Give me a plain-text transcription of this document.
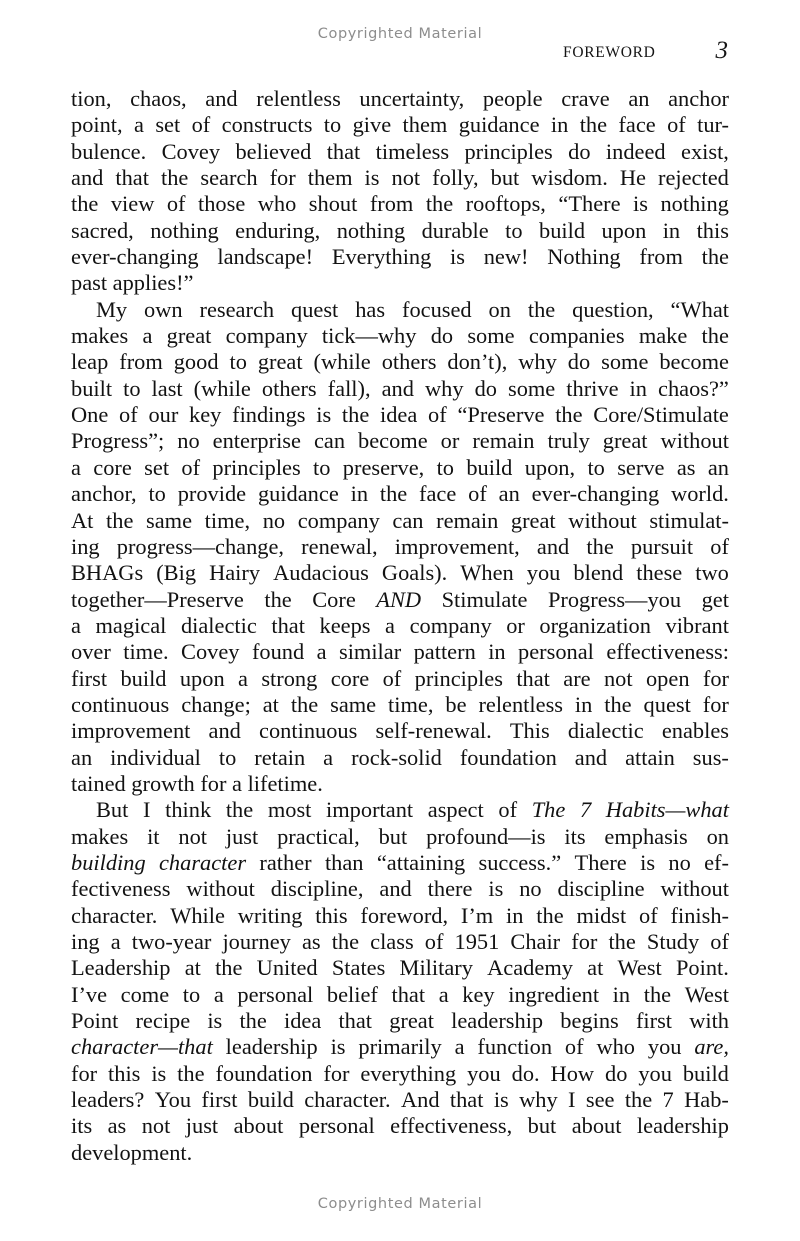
Copyrighted Material
FOREWORD 3
tion, chaos, and relentless uncertainty, people crave an anchor
point, a set of constructs to give them guidance in the face of tur-
bulence. Covey believed that timeless principles do indeed exist,
and that the search for them is not folly, but wisdom. He rejected
the view of those who shout from the rooftops, “There is nothing
sacred, nothing enduring, nothing durable to build upon in this
ever-changing landscape! Everything is new! Nothing from the
past applies!”
My own research quest has focused on the question, “What
makes a great company tick—why do some companies make the
leap from good to great (while others don’t), why do some become
built to last (while others fall), and why do some thrive in chaos?”
One of our key findings is the idea of “Preserve the Core/Stimulate
Progress”; no enterprise can become or remain truly great without
a core set of principles to preserve, to build upon, to serve as an
anchor, to provide guidance in the face of an ever-changing world.
At the same time, no company can remain great without stimulat-
ing progress—change, renewal, improvement, and the pursuit of
BHAGs (Big Hairy Audacious Goals). When you blend these two
together—Preserve the Core AND Stimulate Progress—you get
a magical dialectic that keeps a company or organization vibrant
over time. Covey found a similar pattern in personal effectiveness:
first build upon a strong core of principles that are not open for
continuous change; at the same time, be relentless in the quest for
improvement and continuous self-renewal. This dialectic enables
an individual to retain a rock-solid foundation and attain sus-
tained growth for a lifetime.
But I think the most important aspect of The 7 Habits—what
makes it not just practical, but profound—is its emphasis on
building character rather than “attaining success.” There is no ef-
fectiveness without discipline, and there is no discipline without
character. While writing this foreword, I’m in the midst of finish-
ing a two-year journey as the class of 1951 Chair for the Study of
Leadership at the United States Military Academy at West Point.
I’ve come to a personal belief that a key ingredient in the West
Point recipe is the idea that great leadership begins first with
character—that leadership is primarily a function of who you are,
for this is the foundation for everything you do. How do you build
leaders? You first build character. And that is why I see the 7 Hab-
its as not just about personal effectiveness, but about leadership
development.
Copyrighted Material
